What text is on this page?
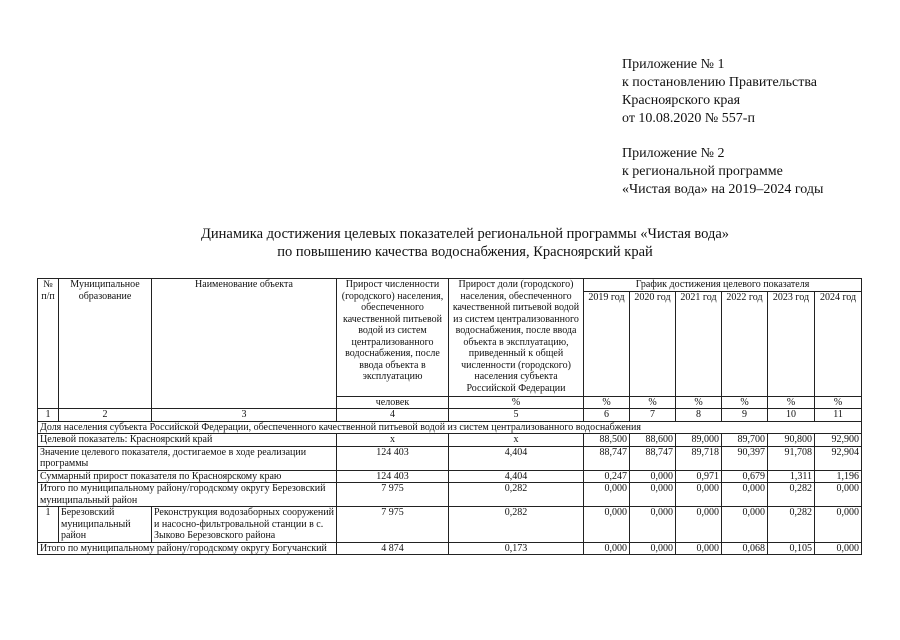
Приложение № 1
к постановлению Правительства
Красноярского края
от 10.08.2020 № 557-п
Приложение № 2
к региональной программе
«Чистая вода» на 2019–2024 годы
Динамика достижения целевых показателей региональной программы «Чистая вода»
по повышению качества водоснабжения, Красноярский край
№ п/п	Муниципальное образование	Наименование объекта	Прирост численности (городского) населения, обеспеченного качественной питьевой водой из систем централизованного водоснабжения, после ввода объекта в эксплуатацию	Прирост доли (городского) населения, обеспеченного качественной питьевой водой из систем централизованного водоснабжения, после ввода объекта в эксплуатацию, приведенный к общей численности (городского) населения субъекта Российской Федерации	График достижения целевого показателя					
					2019 год	2020 год	2021 год	2022 год	2023 год	2024 год
			человек	%	%	%	%	%	%	%
1	2	3	4	5	6	7	8	9	10	11
Доля населения субъекта Российской Федерации, обеспеченного качественной питьевой водой из систем централизованного водоснабжения										
Целевой показатель: Красноярский край			x	x	88,500	88,600	89,000	89,700	90,800	92,900
Значение целевого показателя, достигаемое в ходе реализации программы			124 403	4,404	88,747	88,747	89,718	90,397	91,708	92,904
Суммарный прирост показателя по Красноярскому краю			124 403	4,404	0,247	0,000	0,971	0,679	1,311	1,196
Итого по муниципальному району/городскому округу Березовский муниципальный район			7 975	0,282	0,000	0,000	0,000	0,000	0,282	0,000
1	Березовский муниципальный район	Реконструкция водозаборных сооружений и насосно-фильтровальной станции в с. Зыково Березовского района	7 975	0,282	0,000	0,000	0,000	0,000	0,282	0,000
Итого по муниципальному району/городскому округу Богучанский			4 874	0,173	0,000	0,000	0,000	0,068	0,105	0,000
